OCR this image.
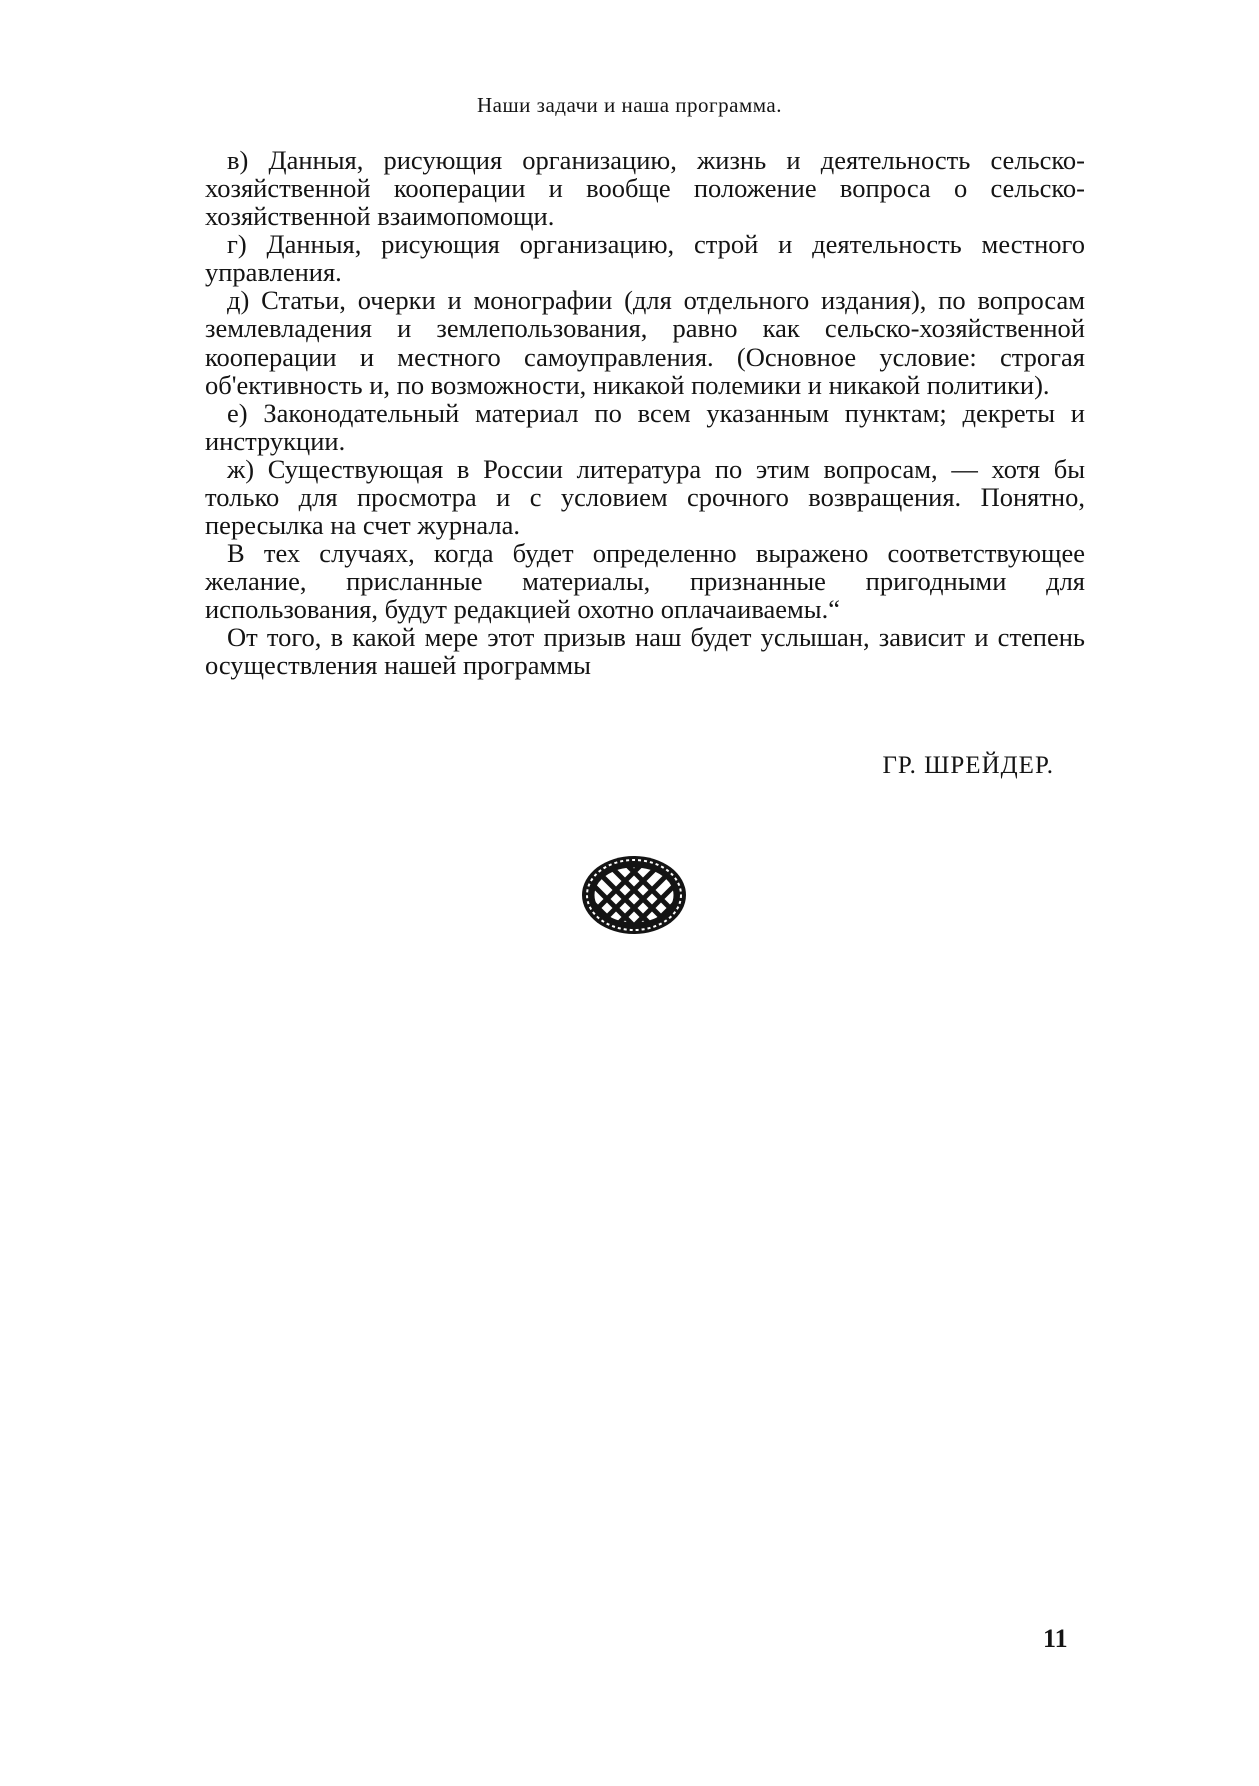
Наши задачи и наша программа.

в) Данныя, рисующия организацию, жизнь и деятельность сельско-хозяйственной кооперации и вообще положение вопроса о сельско-хозяйственной взаимопомощи.

г) Данныя, рисующия организацию, строй и деятельность местного управления.

д) Статьи, очерки и монографии (для отдельного издания), по вопросам землевладения и землепользования, равно как сельско-хозяйственной кооперации и местного самоуправления. (Основное условие: строгая об'ективность и, по возможности, никакой полемики и никакой политики).

е) Законодательный материал по всем указанным пунктам; декреты и инструкции.

ж) Существующая в России литература по этим вопросам, — хотя бы только для просмотра и с условием срочного возвращения. Понятно, пересылка на счет журнала.

В тех случаях, когда будет определенно выражено соответствующее желание, присланные материалы, признанные пригодными для использования, будут редакцией охотно оплачаиваемы.“

От того, в какой мере этот призыв наш будет услышан, зависит и степень осуществления нашей программы

ГР. ШРЕЙДЕР.
11
